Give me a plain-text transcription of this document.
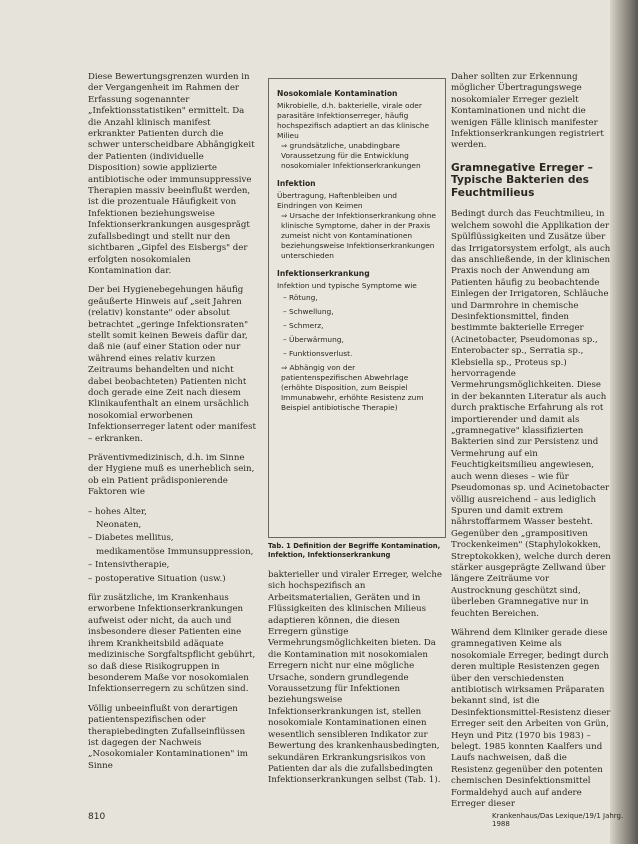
Diese Bewertungsgrenzen wurden in der Vergangenheit im Rahmen der Erfassung sogenannter „Infektionsstatistiken" ermittelt. Da die Anzahl klinisch manifest erkrankter Patienten durch die schwer unterscheidbare Abhängigkeit der Patienten (individuelle Disposition) sowie applizierte antibiotische oder immunsuppressive Therapien massiv beeinflußt werden, ist die prozentuale Häufigkeit von Infektionen beziehungsweise Infektionserkrankungen ausgesprägt zufallsbedingt und stellt nur den sichtbaren „Gipfel des Eisbergs" der erfolgten nosokomialen Kontamination dar.

Der bei Hygienebegehungen häufig geäußerte Hinweis auf „seit Jahren (relativ) konstante" oder absolut betrachtet „geringe Infektionsraten" stellt somit keinen Beweis dafür dar, daß nie (auf einer Station oder nur während eines relativ kurzen Zeitraums behandelten und nicht dabei beobachteten) Patienten nicht doch gerade eine Zeit nach diesem Klinikaufenthalt an einem ursächlich nosokomial erworbenen Infektionserreger latent oder manifest – erkranken.

Präventivmedizinisch, d.h. im Sinne der Hygiene muß es unerheblich sein, ob ein Patient prädisponierende Faktoren wie

– hohes Alter,
Neonaten,
– Diabetes mellitus,
medikamentöse Immunsuppression,
– Intensivtherapie,
– postoperative Situation (usw.)

für zusätzliche, im Krankenhaus erworbene Infektionserkrankungen aufweist oder nicht, da auch und insbesondere dieser Patienten eine ihrem Krankheitsbild adäquate medizinische Sorgfaltspflicht gebührt, so daß diese Risikogruppen in besonderem Maße vor nosokomialen Infektionserregern zu schützen sind.

Völlig unbeeinflußt von derartigen patientenspezifischen oder therapiebedingten Zufallseinflüssen ist dagegen der Nachweis „Nosokomialer Kontaminationen" im Sinne

Nosokomiale Kontamination
Mikrobielle, d.h. bakterielle, virale oder parasitäre Infektionserreger, häufig hochspezifisch adaptiert an das klinische Milieu
⇒ grundsätzliche, unabdingbare Voraussetzung für die Entwicklung nosokomialer Infektionserkrankungen
Infektion
Übertragung, Haftenbleiben und Eindringen von Keimen
⇒ Ursache der Infektionserkrankung ohne klinische Symptome, daher in der Praxis zumeist nicht von Kontaminationen beziehungsweise Infektionserkrankungen unterschieden
Infektionserkrankung
Infektion und typische Symptome wie
– Rötung,
– Schwellung,
– Schmerz,
– Überwärmung,
– Funktionsverlust.
⇒ Abhängig von der patientenspezifischen Abwehrlage (erhöhte Disposition, zum Beispiel Immunabwehr, erhöhte Resistenz zum Beispiel antibiotische Therapie)
Tab. 1 Definition der Begriffe Kontamination, Infektion, Infektionserkrankung

bakterieller und viraler Erreger, welche sich hochspezifisch an Arbeitsmaterialien, Geräten und in Flüssigkeiten des klinischen Milieus adaptieren können, die diesen Erregern günstige Vermehrungsmöglichkeiten bieten. Da die Kontamination mit nosokomialen Erregern nicht nur eine mögliche Ursache, sondern grundlegende Voraussetzung für Infektionen beziehungsweise Infektionserkrankungen ist, stellen nosokomiale Kontaminationen einen wesentlich sensibleren Indikator zur Bewertung des krankenhausbedingten, sekundären Erkrankungsrisikos von Patienten dar als die zufallsbedingten Infektionserkrankungen selbst (Tab. 1).

Daher sollten zur Erkennung möglicher Übertragungswege nosokomialer Erreger gezielt Kontaminationen und nicht die wenigen Fälle klinisch manifester Infektionserkrankungen registriert werden.

Gramnegative Erreger – Typische Bakterien des Feuchtmilieus

Bedingt durch das Feuchtmilieu, in welchem sowohl die Applikation der Spülflüssigkeiten und Zusätze über das Irrigatorsystem erfolgt, als auch das anschließende, in der klinischen Praxis noch der Anwendung am Patienten häufig zu beobachtende Einlegen der Irrigatoren, Schläuche und Darmrohre in chemische Desinfektionsmittel, finden bestimmte bakterielle Erreger (Acinetobacter, Pseudomonas sp., Enterobacter sp., Serratia sp., Klebsiella sp., Proteus sp.) hervorragende Vermehrungsmöglichkeiten. Diese in der bekannten Literatur als auch durch praktische Erfahrung als rot importierender und damit als „gramnegative" klassifizierten Bakterien sind zur Persistenz und Vermehrung auf ein Feuchtigkeitsmilieu angewiesen, auch wenn dieses – wie für Pseudomonas sp. und Acinetobacter völlig ausreichend – aus lediglich Spuren und damit extrem nährstoffarmem Wasser besteht. Gegenüber den „grampositiven Trockenkeimen" (Staphylokokken, Streptokokken), welche durch deren stärker ausgeprägte Zellwand über längere Zeiträume vor Austrocknung geschützt sind, überleben Gramnegative nur in feuchten Bereichen.

Während dem Kliniker gerade diese gramnegativen Keime als nosokomiale Erreger, bedingt durch deren multiple Resistenzen gegen über den verschiedensten antibiotisch wirksamen Präparaten bekannt sind, ist die Desinfektionsmittel-Resistenz dieser Erreger seit den Arbeiten von Grün, Heyn und Pitz (1970 bis 1983) – belegt. 1985 konnten Kaalfers und Laufs nachweisen, daß die Resistenz gegenüber den potenten chemischen Desinfektionsmittel Formaldehyd auch auf andere Erreger dieser

810	Krankenhaus/Das Lexique/19/1 Jahrg. 1988
